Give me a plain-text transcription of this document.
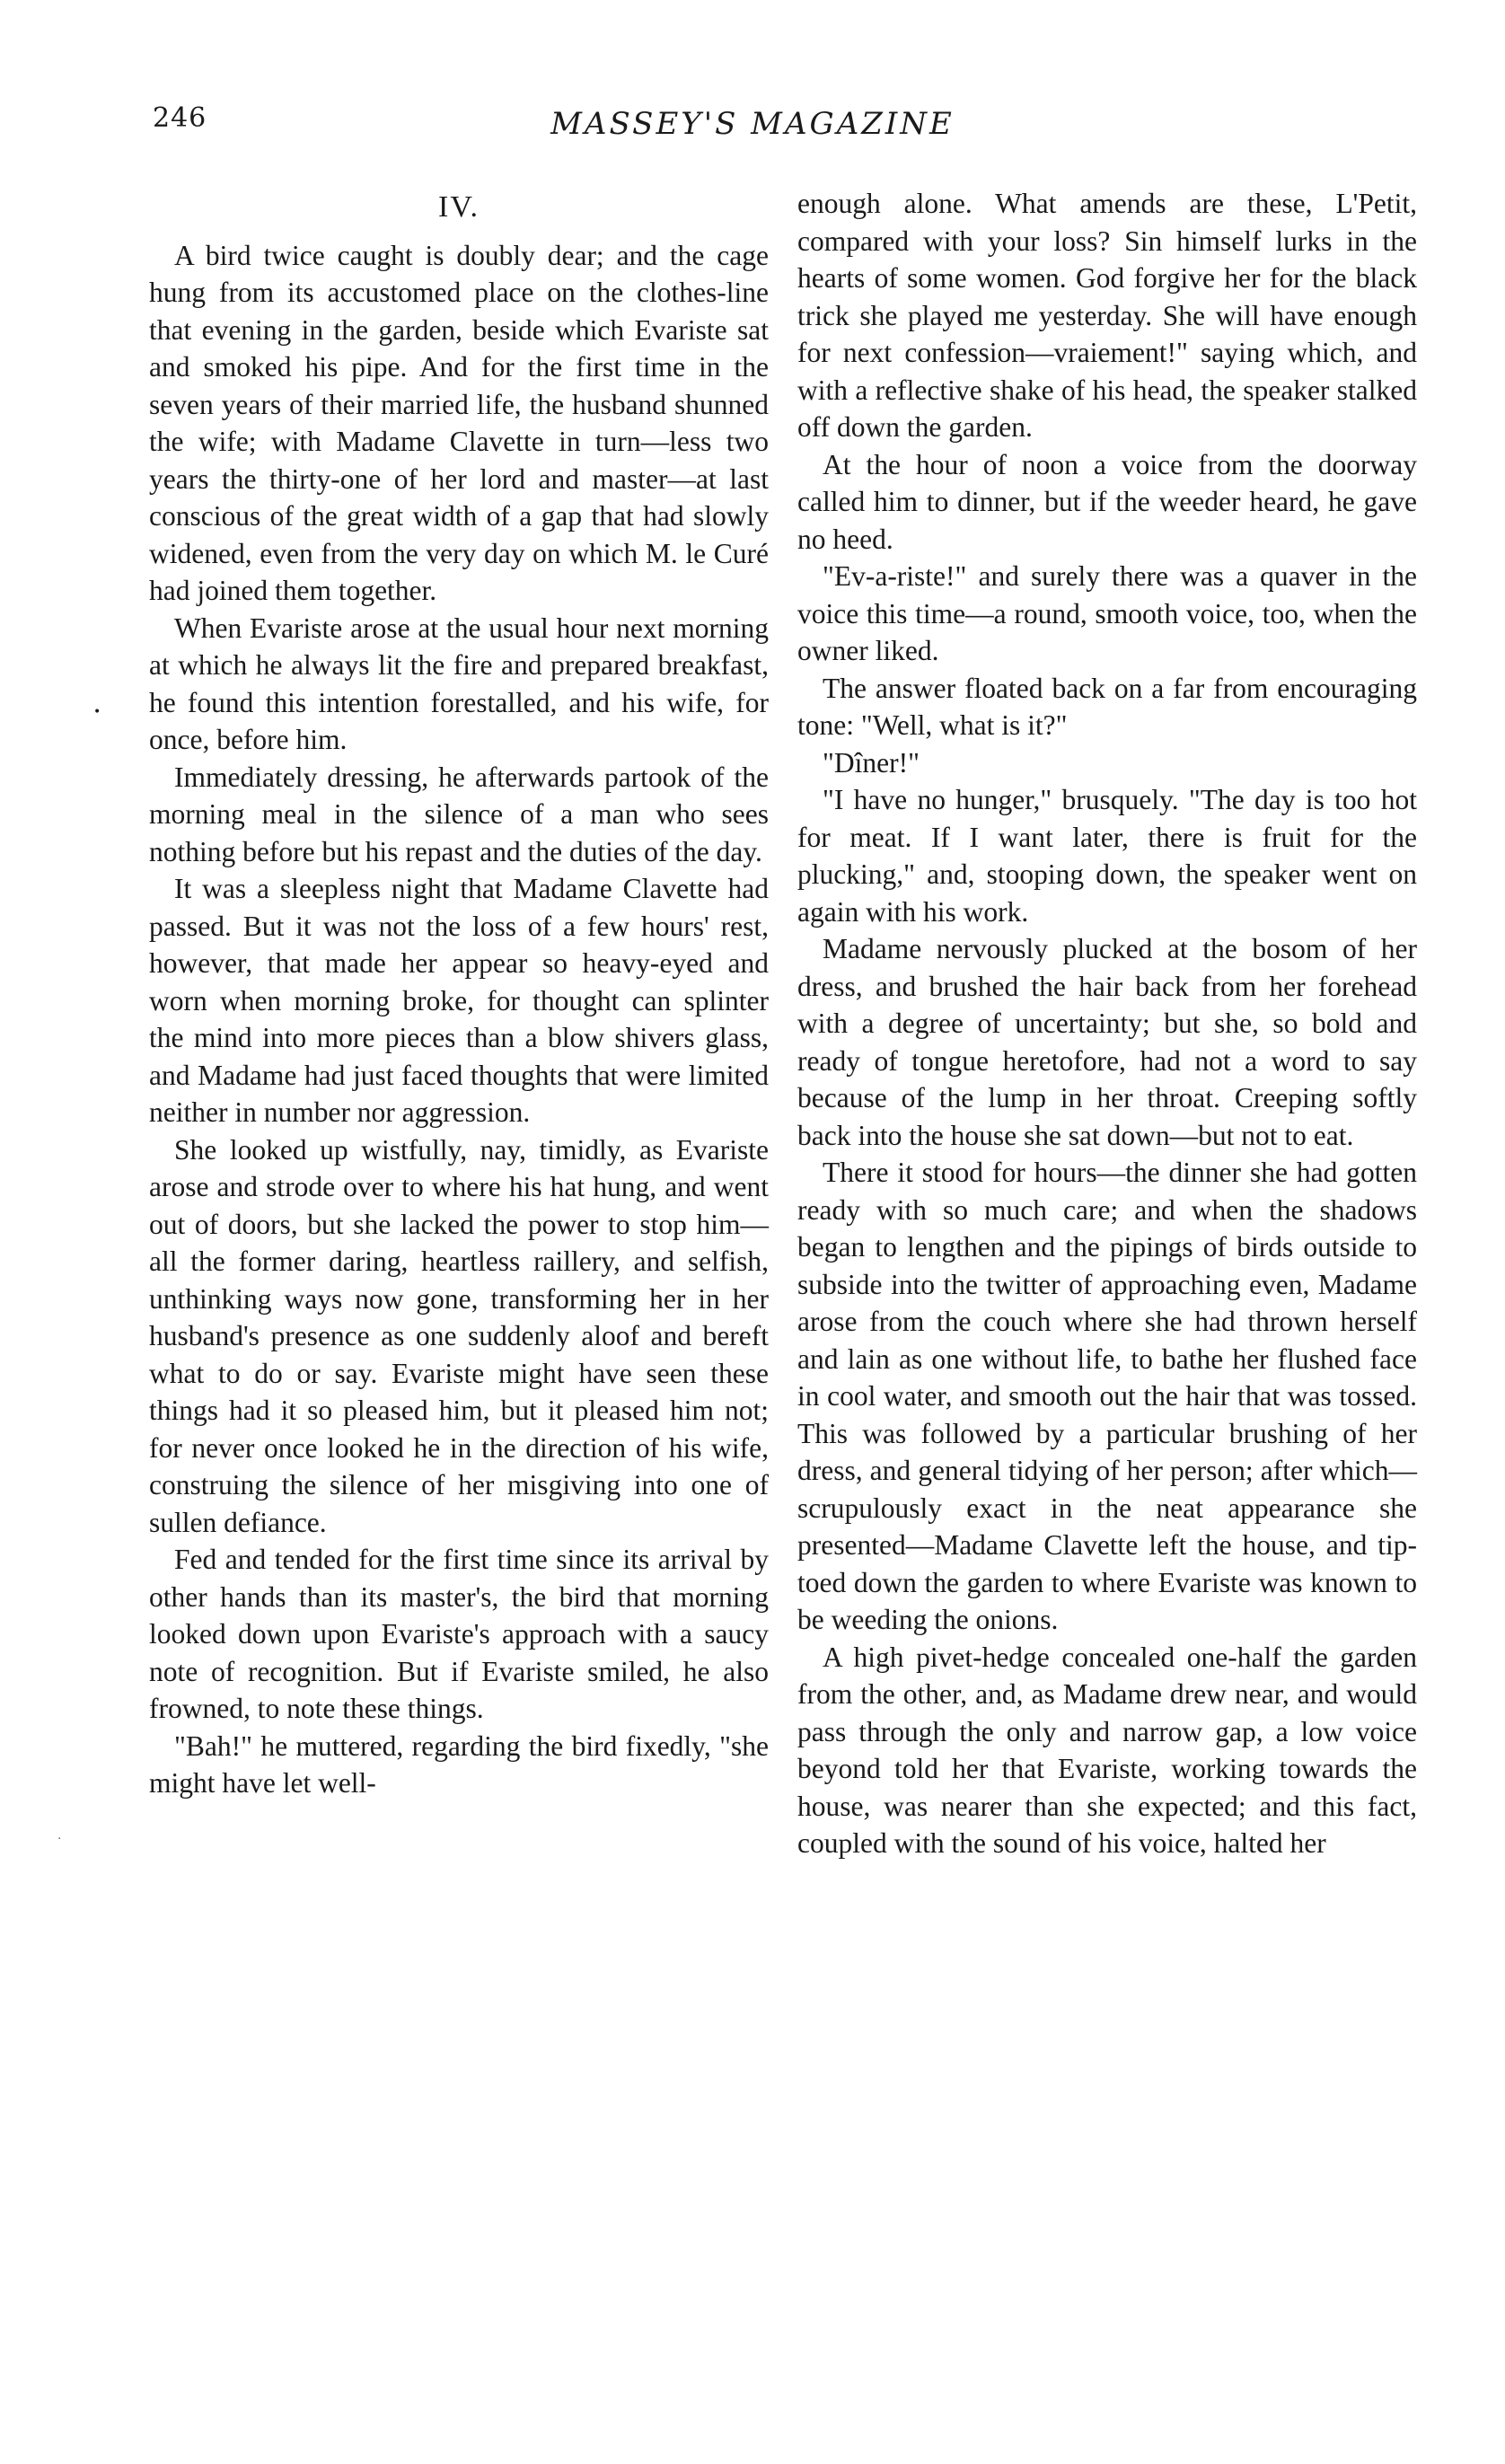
246	MASSEY'S MAGAZINE
•
·
IV.

A bird twice caught is doubly dear; and the cage hung from its accustomed place on the clothes-line that evening in the garden, beside which Evariste sat and smoked his pipe. And for the first time in the seven years of their married life, the husband shunned the wife; with Madame Clavette in turn—less two years the thirty-one of her lord and master—at last conscious of the great width of a gap that had slowly widened, even from the very day on which M. le Curé had joined them together.

When Evariste arose at the usual hour next morning at which he always lit the fire and prepared breakfast, he found this intention forestalled, and his wife, for once, before him.

Immediately dressing, he afterwards partook of the morning meal in the silence of a man who sees nothing before but his repast and the duties of the day.

It was a sleepless night that Madame Clavette had passed. But it was not the loss of a few hours' rest, however, that made her appear so heavy-eyed and worn when morning broke, for thought can splinter the mind into more pieces than a blow shivers glass, and Madame had just faced thoughts that were limited neither in number nor aggression.

She looked up wistfully, nay, timidly, as Evariste arose and strode over to where his hat hung, and went out of doors, but she lacked the power to stop him—all the former daring, heartless raillery, and selfish, unthinking ways now gone, transforming her in her husband's presence as one suddenly aloof and bereft what to do or say. Evariste might have seen these things had it so pleased him, but it pleased him not; for never once looked he in the direction of his wife, construing the silence of her misgiving into one of sullen defiance.

Fed and tended for the first time since its arrival by other hands than its master's, the bird that morning looked down upon Evariste's approach with a saucy note of recognition. But if Evariste smiled, he also frowned, to note these things.

"Bah!" he muttered, regarding the bird fixedly, "she might have let well-

enough alone. What amends are these, L'Petit, compared with your loss? Sin himself lurks in the hearts of some women. God forgive her for the black trick she played me yesterday. She will have enough for next confession—vraiement!" saying which, and with a reflective shake of his head, the speaker stalked off down the garden.

At the hour of noon a voice from the doorway called him to dinner, but if the weeder heard, he gave no heed.

"Ev-a-riste!" and surely there was a quaver in the voice this time—a round, smooth voice, too, when the owner liked.

The answer floated back on a far from encouraging tone: "Well, what is it?"

"Dîner!"

"I have no hunger," brusquely. "The day is too hot for meat. If I want later, there is fruit for the plucking," and, stooping down, the speaker went on again with his work.

Madame nervously plucked at the bosom of her dress, and brushed the hair back from her forehead with a degree of uncertainty; but she, so bold and ready of tongue heretofore, had not a word to say because of the lump in her throat. Creeping softly back into the house she sat down—but not to eat.

There it stood for hours—the dinner she had gotten ready with so much care; and when the shadows began to lengthen and the pipings of birds outside to subside into the twitter of approaching even, Madame arose from the couch where she had thrown herself and lain as one without life, to bathe her flushed face in cool water, and smooth out the hair that was tossed. This was followed by a particular brushing of her dress, and general tidying of her person; after which—scrupulously exact in the neat appearance she presented—Madame Clavette left the house, and tip-toed down the garden to where Evariste was known to be weeding the onions.

A high pivet-hedge concealed one-half the garden from the other, and, as Madame drew near, and would pass through the only and narrow gap, a low voice beyond told her that Evariste, working towards the house, was nearer than she expected; and this fact, coupled with the sound of his voice, halted her
